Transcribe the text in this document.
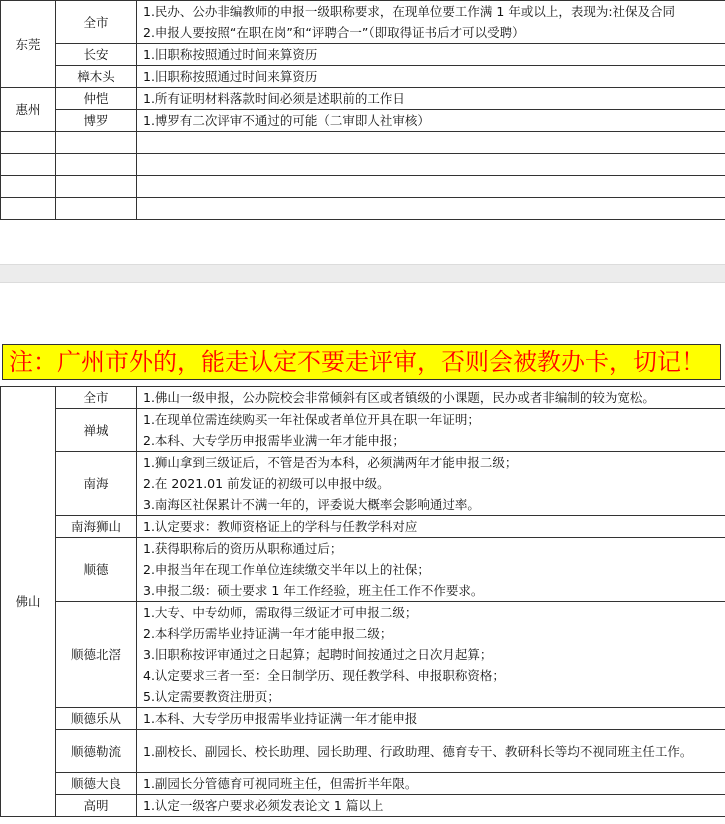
东莞	全市	1.民办、公办非编教师的申报一级职称要求，在现单位要工作满 1 年或以上，表现为:社保及合同
2.申报人要按照“在职在岗”和“评聘合一”（即取得证书后才可以受聘）

	长安	1.旧职称按照通过时间来算资历

	樟木头	1.旧职称按照通过时间来算资历

惠州	仲恺	1.所有证明材料落款时间必须是述职前的工作日

	博罗	1.博罗有二次评审不通过的可能（二审即人社审核）

注：广州市外的，能走认定不要走评审，否则会被教办卡，切记！
佛山	全市	1.佛山一级申报，公办院校会非常倾斜有区或者镇级的小课题，民办或者非编制的较为宽松。

	禅城	1.在现单位需连续购买一年社保或者单位开具在职一年证明；
2.本科、大专学历申报需毕业满一年才能申报；

	南海	1.狮山拿到三级证后，不管是否为本科，必须满两年才能申报二级；
2.在 2021.01 前发证的初级可以申报中级。
3.南海区社保累计不满一年的，评委说大概率会影响通过率。

	南海狮山	1.认定要求：教师资格证上的学科与任教学科对应

	顺德	1.获得职称后的资历从职称通过后；
2.申报当年在现工作单位连续缴交半年以上的社保；
3.申报二级：硕士要求 1 年工作经验，班主任工作不作要求。

	顺德北滘	1.大专、中专幼师，需取得三级证才可申报二级；
2.本科学历需毕业持证满一年才能申报二级；
3.旧职称按评审通过之日起算；起聘时间按通过之日次月起算；
4.认定要求三者一至：全日制学历、现任教学科、申报职称资格；
5.认定需要教资注册页；

	顺德乐从	1.本科、大专学历申报需毕业持证满一年才能申报

	顺德勒流	1.副校长、副园长、校长助理、园长助理、行政助理、德育专干、教研科长等均不视同班主任工作。

	顺德大良	1.副园长分管德育可视同班主任，但需折半年限。

	高明	1.认定一级客户要求必须发表论文 1 篇以上
